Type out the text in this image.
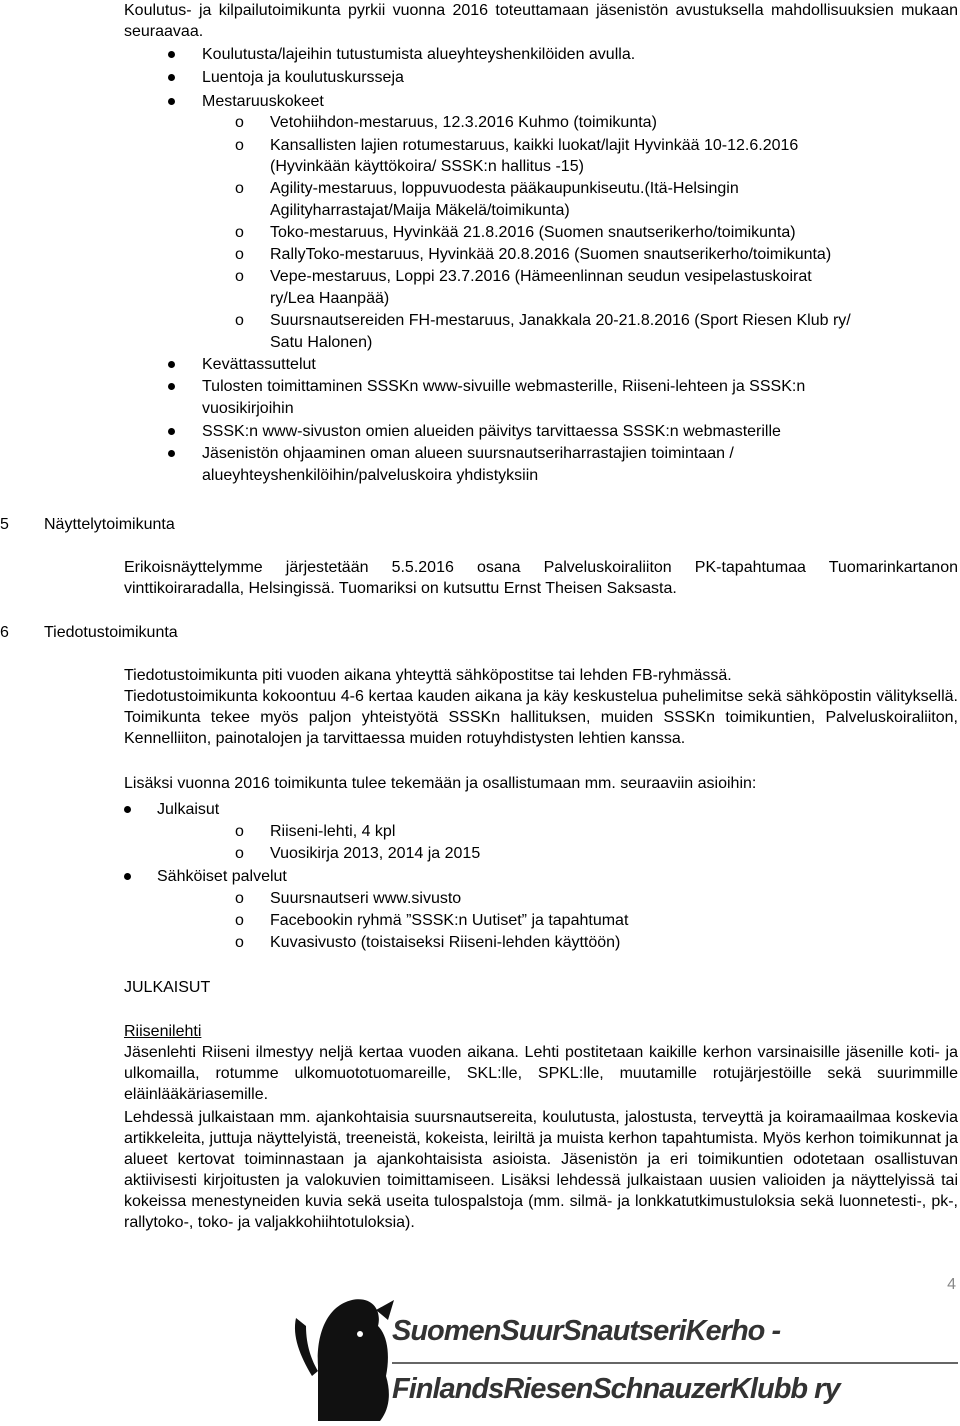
Koulutus- ja kilpailutoimikunta pyrkii vuonna 2016 toteuttamaan jäsenistön avustuksella mahdollisuuksien mukaan seuraavaa.
Koulutusta/lajeihin tutustumista alueyhteyshenkilöiden avulla.
Luentoja ja koulutuskursseja
Mestaruuskokeet
o Vetohiihdon-mestaruus, 12.3.2016 Kuhmo (toimikunta)
o Kansallisten lajien rotumestaruus, kaikki luokat/lajit Hyvinkää 10-12.6.2016
(Hyvinkään käyttökoira/ SSSK:n hallitus -15)
o Agility-mestaruus, loppuvuodesta pääkaupunkiseutu.(Itä-Helsingin
Agilityharrastajat/Maija Mäkelä/toimikunta)
o Toko-mestaruus, Hyvinkää 21.8.2016 (Suomen snautserikerho/toimikunta)
o RallyToko-mestaruus, Hyvinkää 20.8.2016 (Suomen snautserikerho/toimikunta)
o Vepe-mestaruus, Loppi 23.7.2016 (Hämeenlinnan seudun vesipelastuskoirat
ry/Lea Haanpää)
o Suursnautsereiden FH-mestaruus, Janakkala 20-21.8.2016 (Sport Riesen Klub ry/
Satu Halonen)
Kevättassuttelut
Tulosten toimittaminen SSSKn www-sivuille webmasterille, Riiseni-lehteen ja SSSK:n
vuosikirjoihin
SSSK:n www-sivuston omien alueiden päivitys tarvittaessa SSSK:n webmasterille
Jäsenistön ohjaaminen oman alueen suursnautseriharrastajien toimintaan /
alueyhteyshenkilöihin/palveluskoira yhdistyksiin
5 Näyttelytoimikunta
Erikoisnäyttelymme järjestetään 5.5.2016 osana Palveluskoiraliiton PK-tapahtumaa Tuomarinkartanon vinttikoiraradalla, Helsingissä. Tuomariksi on kutsuttu Ernst Theisen Saksasta.
6 Tiedotustoimikunta
Tiedotustoimikunta piti vuoden aikana yhteyttä sähköpostitse tai lehden FB-ryhmässä.
Tiedotustoimikunta kokoontuu 4-6 kertaa kauden aikana ja käy keskustelua puhelimitse sekä sähköpostin välityksellä. Toimikunta tekee myös paljon yhteistyötä SSSKn hallituksen, muiden SSSKn toimikuntien, Palveluskoiraliiton, Kennelliiton, painotalojen ja tarvittaessa muiden rotuyhdistysten lehtien kanssa.
Lisäksi vuonna 2016 toimikunta tulee tekemään ja osallistumaan mm. seuraaviin asioihin:
Julkaisut
o Riiseni-lehti, 4 kpl
o Vuosikirja 2013, 2014 ja 2015
Sähköiset palvelut
o Suursnautseri www.sivusto
o Facebookin ryhmä ”SSSK:n Uutiset” ja tapahtumat
o Kuvasivusto (toistaiseksi Riiseni-lehden käyttöön)
JULKAISUT
Riisenilehti
Jäsenlehti Riiseni ilmestyy neljä kertaa vuoden aikana. Lehti postitetaan kaikille kerhon varsinaisille jäsenille koti- ja ulkomailla, rotumme ulkomuototuomareille, SKL:lle, SPKL:lle, muutamille rotujärjestöille sekä suurimmille eläinlääkäriasemille.
Lehdessä julkaistaan mm. ajankohtaisia suursnautsereita, koulutusta, jalostusta, terveyttä ja koiramaailmaa koskevia artikkeleita, juttuja näyttelyistä, treeneistä, kokeista, leiriltä ja muista kerhon tapahtumista. Myös kerhon toimikunnat ja alueet kertovat toiminnastaan ja ajankohtaisista asioista. Jäsenistön ja eri toimikuntien odotetaan osallistuvan aktiivisesti kirjoitusten ja valokuvien toimittamiseen. Lisäksi lehdessä julkaistaan uusien valioiden ja näyttelyissä tai kokeissa menestyneiden kuvia sekä useita tulospalstoja (mm. silmä- ja lonkkatutkimustuloksia sekä luonnetesti-, pk-, rallytoko-, toko- ja valjakkohiihtotuloksia).
4
SuomenSuurSnautseriKerho -
FinlandsRiesenSchnauzerKlubb ry
